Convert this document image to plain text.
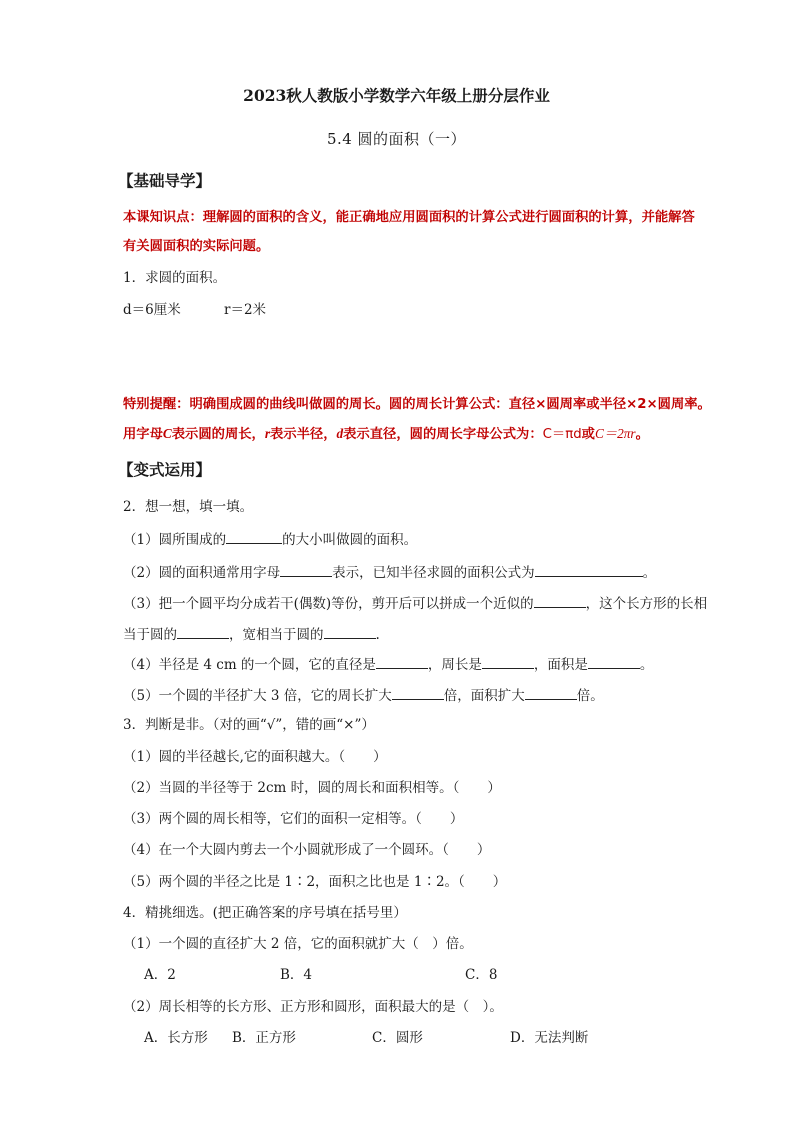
2023秋人教版小学数学六年级上册分层作业
5.4 圆的面积（一）
【基础导学】
本课知识点：理解圆的面积的含义，能正确地应用圆面积的计算公式进行圆面积的计算，并能解答
有关圆面积的实际问题。
1．求圆的面积。
d＝6厘米	r＝2米
特别提醒：明确围成圆的曲线叫做圆的周长。圆的周长计算公式：直径×圆周率或半径×2×圆周率。
用字母C表示圆的周长，r表示半径，d表示直径，圆的周长字母公式为：C＝πd或C＝2πr。
【变式运用】
2．想一想，填一填。
（1）圆所围成的	的大小叫做圆的面积。
（2）圆的面积通常用字母	表示，已知半径求圆的面积公式为	。
（3）把一个圆平均分成若干(偶数)等份，剪开后可以拼成一个近似的	，这个长方形的长相
当于圆的	，宽相当于圆的	.
（4）半径是 4 cm 的一个圆，它的直径是	，周长是	，面积是	。
（5）一个圆的半径扩大 3 倍，它的周长扩大	倍，面积扩大	倍。
3．判断是非。（对的画“√”，错的画“×”）
（1）圆的半径越长,它的面积越大。（ ）
（2）当圆的半径等于 2cm 时，圆的周长和面积相等。（ ）
（3）两个圆的周长相等，它们的面积一定相等。（ ）
（4）在一个大圆内剪去一个小圆就形成了一个圆环。（ ）
（5）两个圆的半径之比是 1∶2，面积之比也是 1∶2。（ ）
4．精挑细选。(把正确答案的序号填在括号里）
（1）一个圆的直径扩大 2 倍，它的面积就扩大（　）倍。
A．2	B．4	C．8
（2）周长相等的长方形、正方形和圆形，面积最大的是（　）。
A．长方形 B．正方形	C．圆形	D．无法判断
